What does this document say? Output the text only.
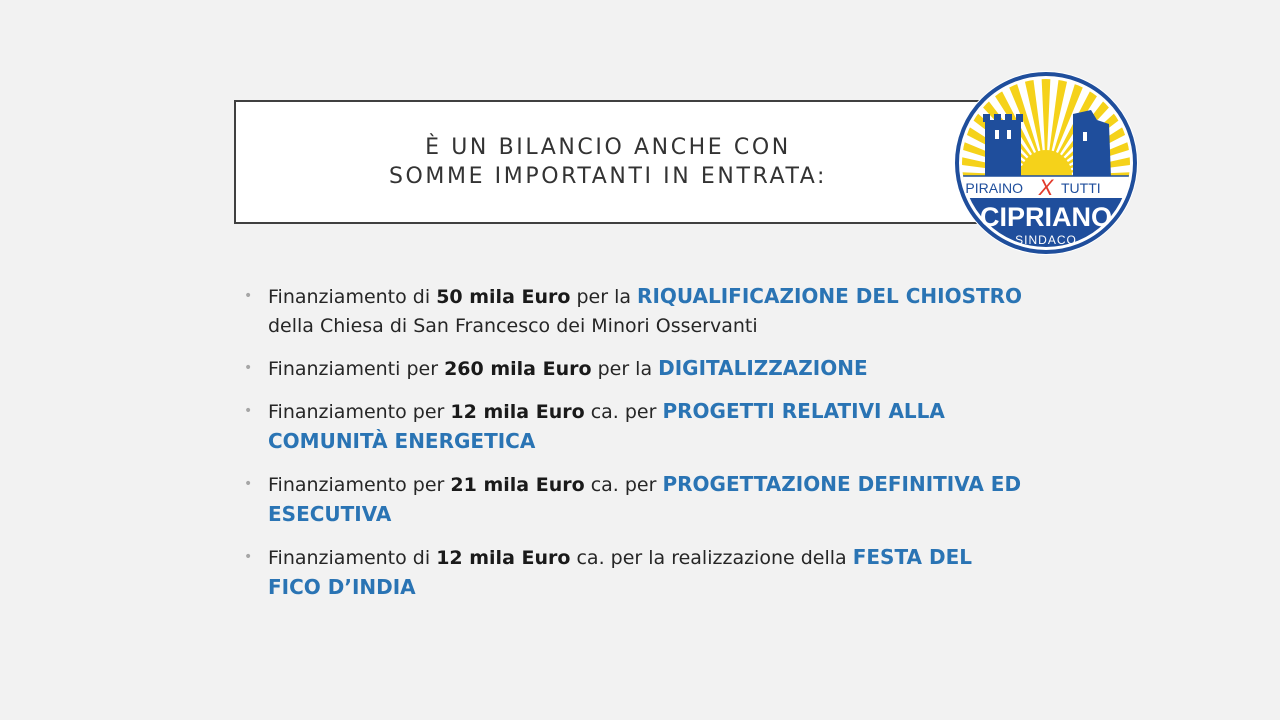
È UN BILANCIO ANCHE CON
SOMME IMPORTANTI IN ENTRATA:	PIRAINO X TUTTI
CIPRIANO
SINDACO
• Finanziamento di 50 mila Euro per la RIQUALIFICAZIONE DEL CHIOSTRO della Chiesa di San Francesco dei Minori Osservanti
• Finanziamenti per 260 mila Euro per la DIGITALIZZAZIONE
• Finanziamento per 12 mila Euro ca. per PROGETTI RELATIVI ALLA COMUNITÀ ENERGETICA
• Finanziamento per 21 mila Euro ca. per PROGETTAZIONE DEFINITIVA ED ESECUTIVA
• Finanziamento di 12 mila Euro ca. per la realizzazione della FESTA DEL FICO D’INDIA
